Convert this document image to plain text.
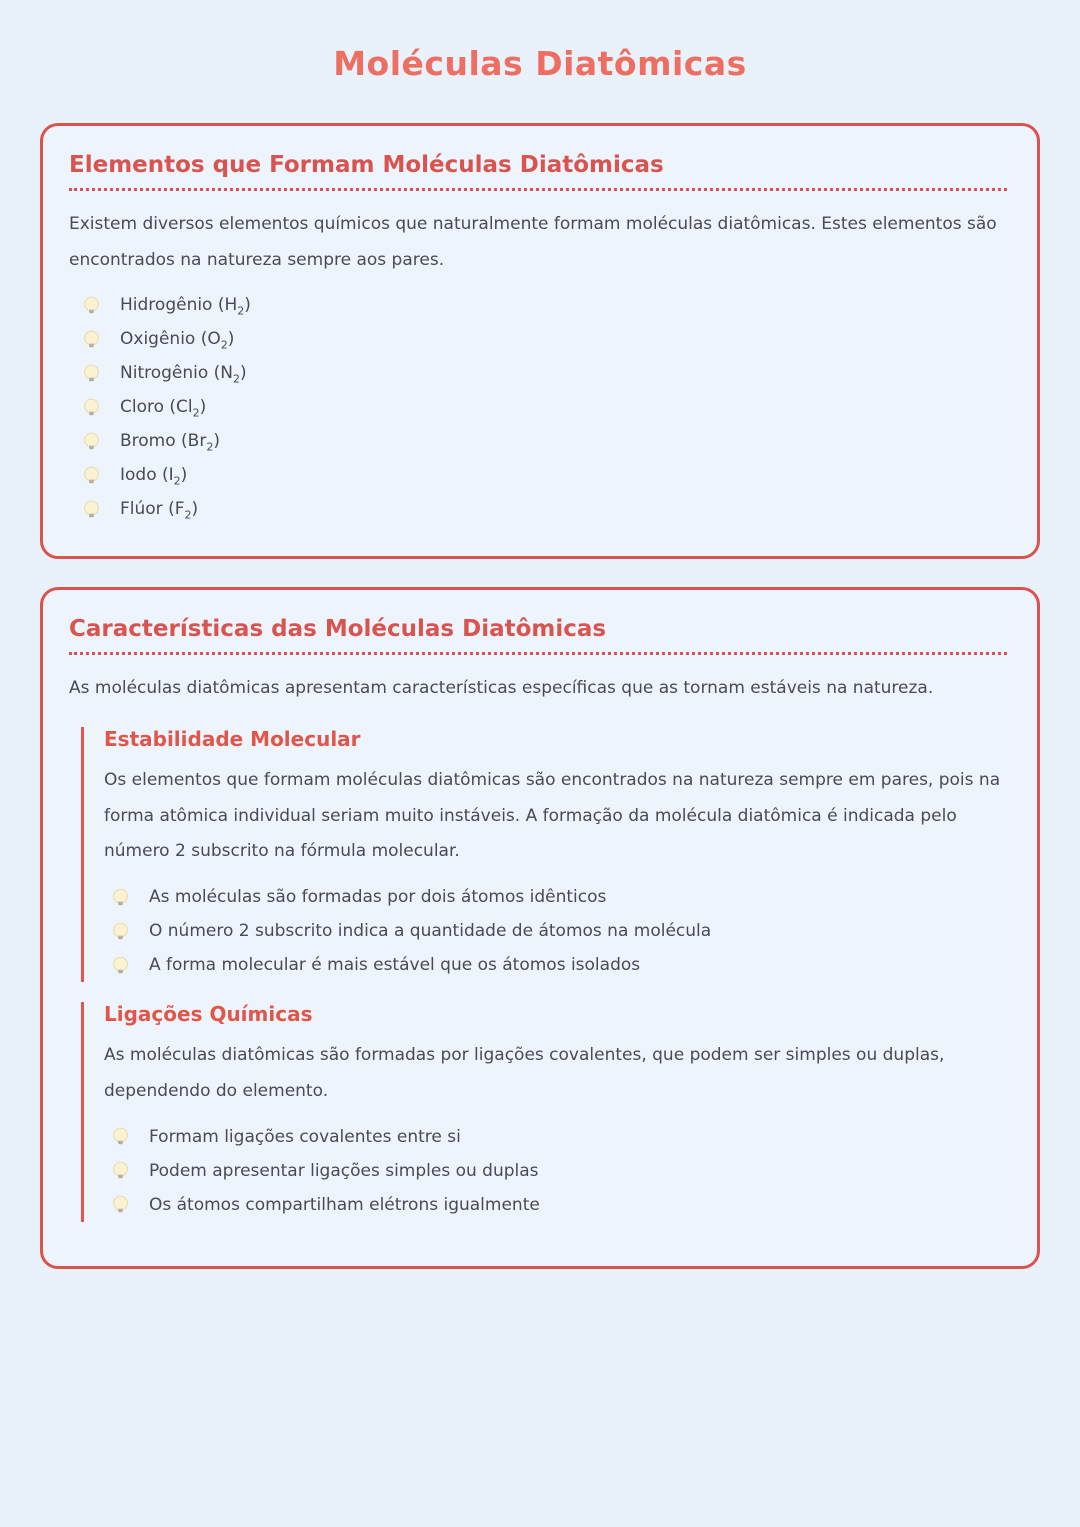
Moléculas Diatômicas
Elementos que Formam Moléculas Diatômicas

Existem diversos elementos químicos que naturalmente formam moléculas diatômicas. Estes elementos são encontrados na natureza sempre aos pares.

Hidrogênio $(H_2)$
Oxigênio $(O_2)$
Nitrogênio $(N_2)$
Cloro $(Cl_2)$
Bromo $(Br_2)$
Iodo $(I_2)$
Flúor $(F_2)$
Características das Moléculas Diatômicas

As moléculas diatômicas apresentam características específicas que as tornam estáveis na natureza.

Estabilidade Molecular

Os elementos que formam moléculas diatômicas são encontrados na natureza sempre em pares, pois na forma atômica individual seriam muito instáveis. A formação da molécula diatômica é indicada pelo número 2 subscrito na fórmula molecular.

As moléculas são formadas por dois átomos idênticos
O número 2 subscrito indica a quantidade de átomos na molécula
A forma molecular é mais estável que os átomos isolados
Ligações Químicas

As moléculas diatômicas são formadas por ligações covalentes, que podem ser simples ou duplas, dependendo do elemento.

Formam ligações covalentes entre si
Podem apresentar ligações simples ou duplas
Os átomos compartilham elétrons igualmente
